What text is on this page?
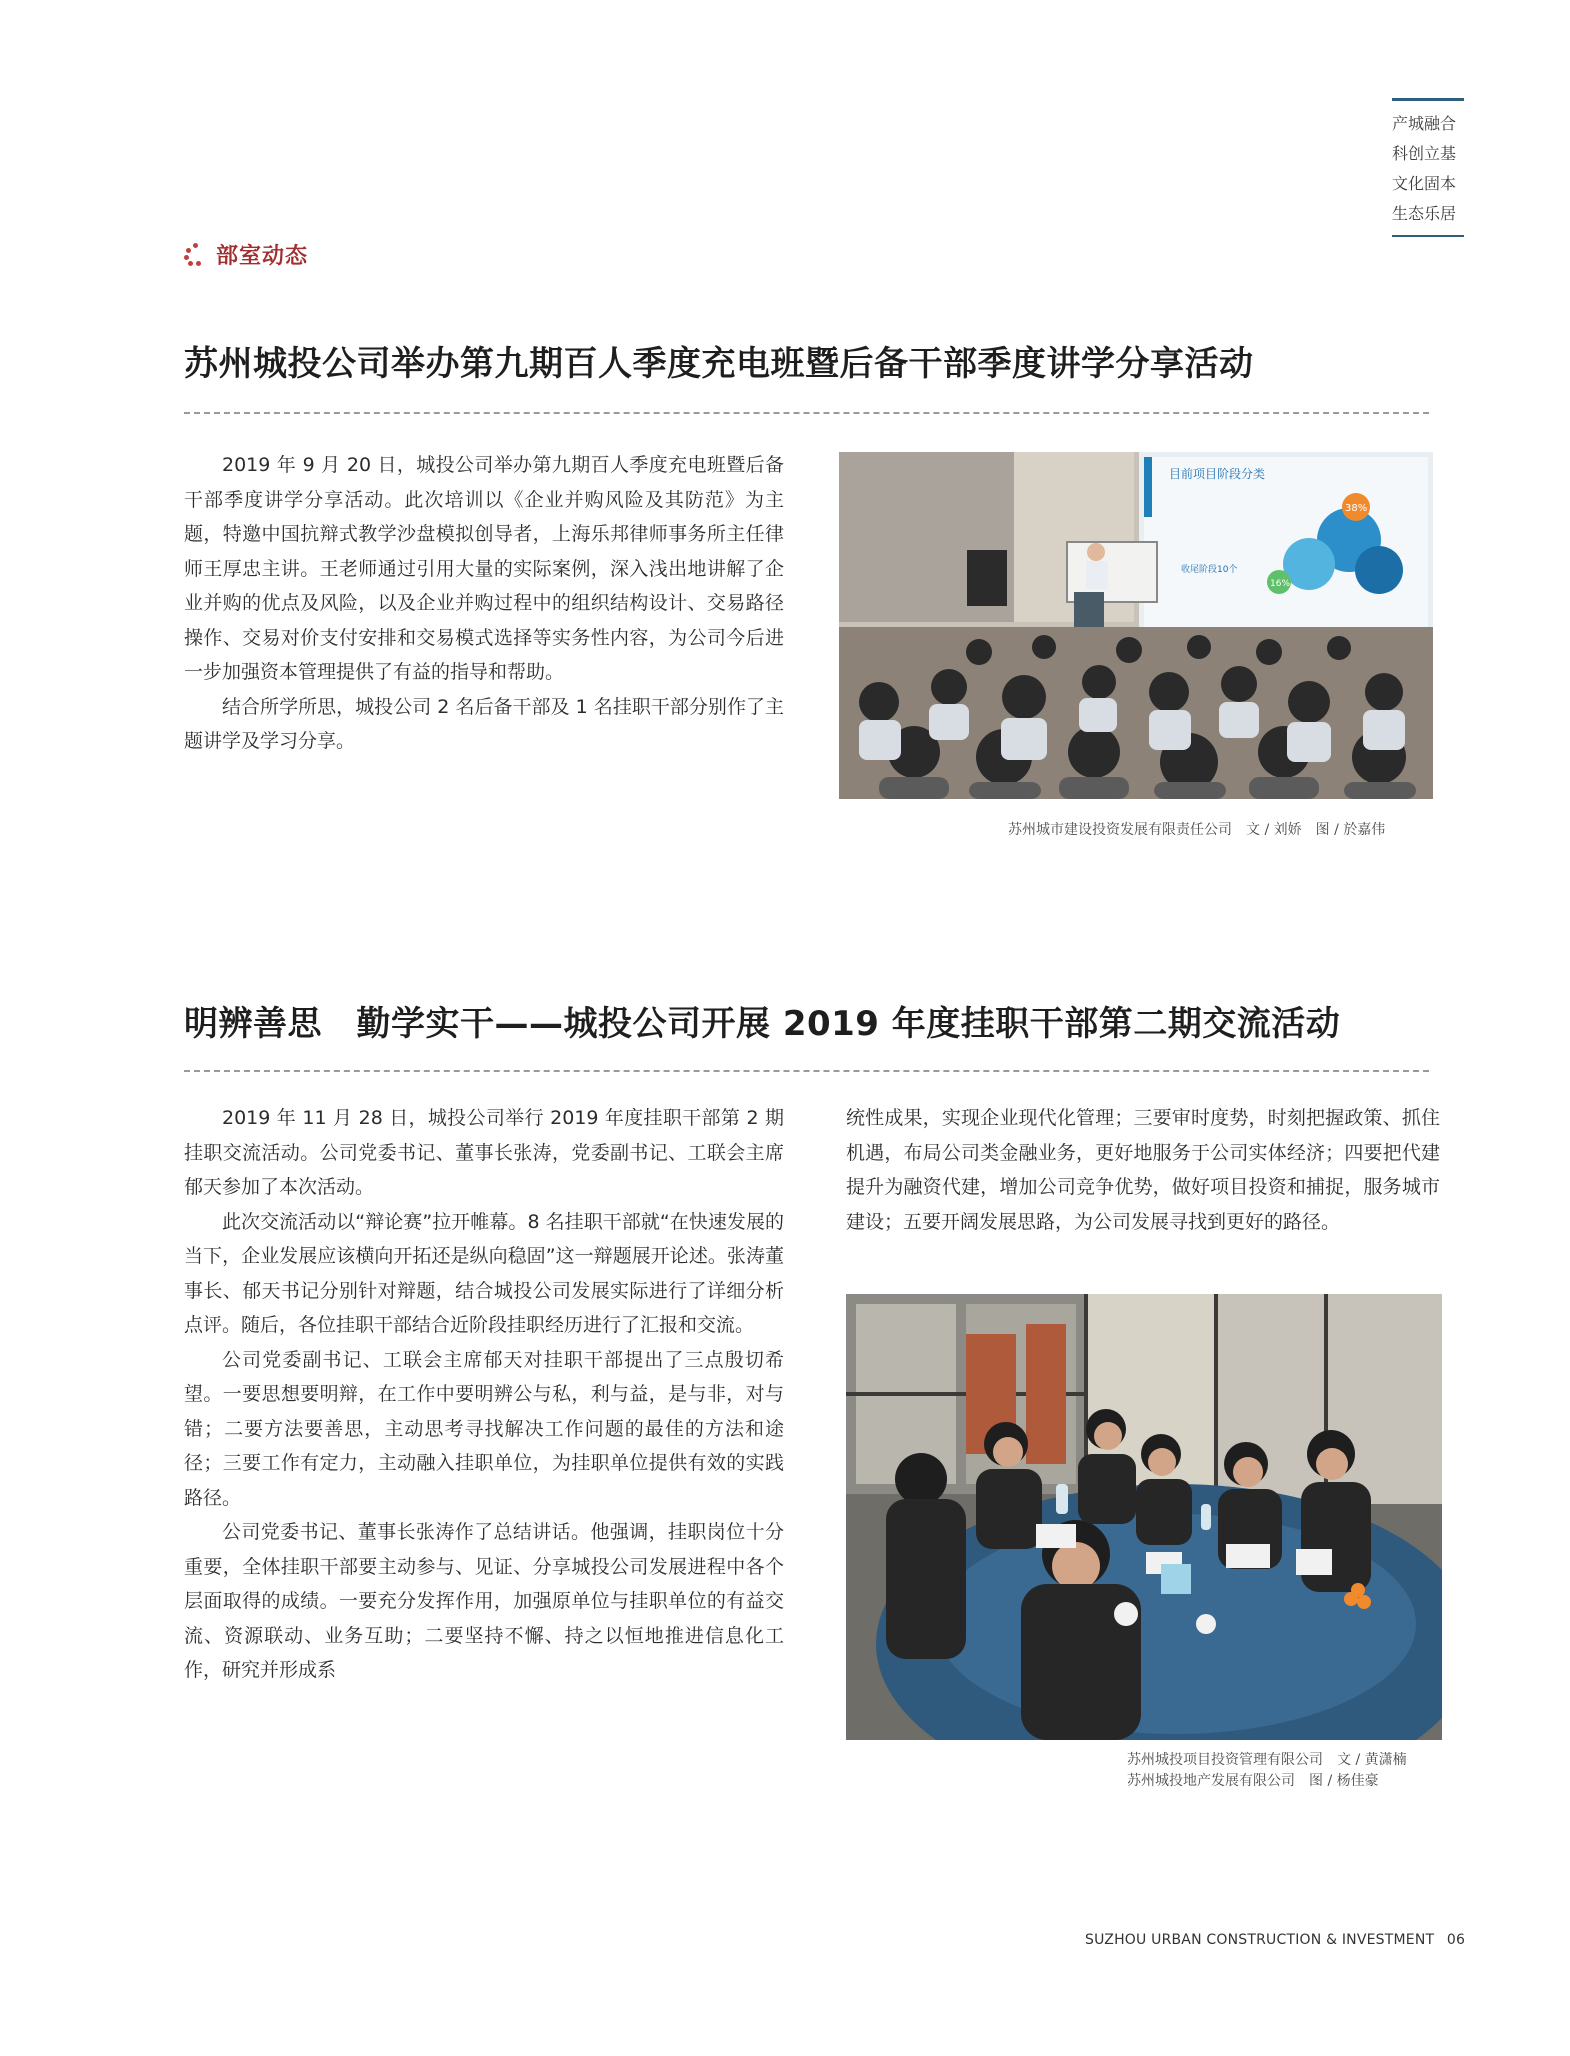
产城融合
科创立基
文化固本
生态乐居
部室动态
苏州城投公司举办第九期百人季度充电班暨后备干部季度讲学分享活动

2019 年 9 月 20 日，城投公司举办第九期百人季度充电班暨后备干部季度讲学分享活动。此次培训以《企业并购风险及其防范》为主题，特邀中国抗辩式教学沙盘模拟创导者，上海乐邦律师事务所主任律师王厚忠主讲。王老师通过引用大量的实际案例，深入浅出地讲解了企业并购的优点及风险，以及企业并购过程中的组织结构设计、交易路径操作、交易对价支付安排和交易模式选择等实务性内容，为公司今后进一步加强资本管理提供了有益的指导和帮助。

结合所学所思，城投公司 2 名后备干部及 1 名挂职干部分别作了主题讲学及学习分享。

目前项目阶段分类
38%
16%
收尾阶段10个
苏州城市建设投资发展有限责任公司　文 / 刘娇　图 / 於嘉伟
明辨善思　勤学实干——城投公司开展 2019 年度挂职干部第二期交流活动

2019 年 11 月 28 日，城投公司举行 2019 年度挂职干部第 2 期挂职交流活动。公司党委书记、董事长张涛，党委副书记、工联会主席郁天参加了本次活动。

此次交流活动以“辩论赛”拉开帷幕。8 名挂职干部就“在快速发展的当下，企业发展应该横向开拓还是纵向稳固”这一辩题展开论述。张涛董事长、郁天书记分别针对辩题，结合城投公司发展实际进行了详细分析点评。随后，各位挂职干部结合近阶段挂职经历进行了汇报和交流。

公司党委副书记、工联会主席郁天对挂职干部提出了三点殷切希望。一要思想要明辩，在工作中要明辨公与私，利与益，是与非，对与错；二要方法要善思，主动思考寻找解决工作问题的最佳的方法和途径；三要工作有定力，主动融入挂职单位，为挂职单位提供有效的实践路径。

公司党委书记、董事长张涛作了总结讲话。他强调，挂职岗位十分重要，全体挂职干部要主动参与、见证、分享城投公司发展进程中各个层面取得的成绩。一要充分发挥作用，加强原单位与挂职单位的有益交流、资源联动、业务互助；二要坚持不懈、持之以恒地推进信息化工作，研究并形成系

统性成果，实现企业现代化管理；三要审时度势，时刻把握政策、抓住机遇，布局公司类金融业务，更好地服务于公司实体经济；四要把代建提升为融资代建，增加公司竞争优势，做好项目投资和捕捉，服务城市建设；五要开阔发展思路，为公司发展寻找到更好的路径。

苏州城投项目投资管理有限公司　文 / 黄潇楠
苏州城投地产发展有限公司　图 / 杨佳豪
SUZHOU URBAN CONSTRUCTION & INVESTMENT 06
